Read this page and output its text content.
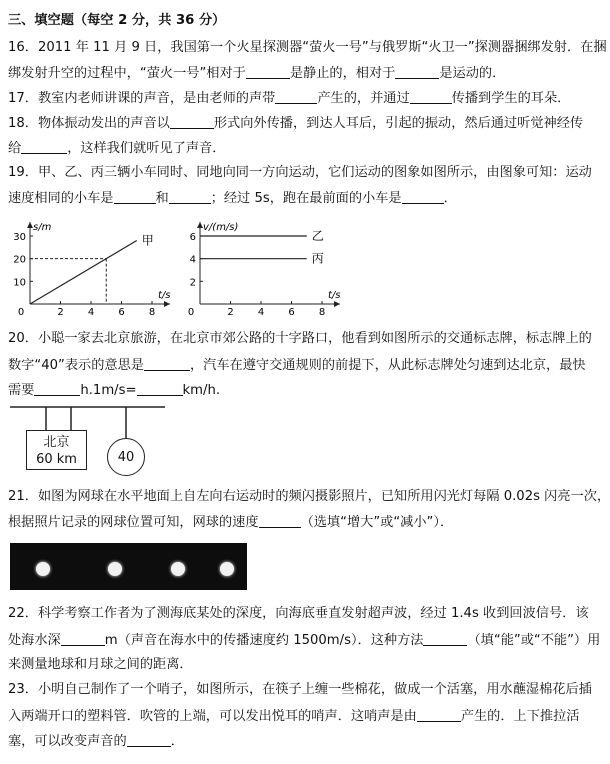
三、填空题（每空 2 分，共 36 分）
16．2011 年 11 月 9 日，我国第一个火星探测器“萤火一号”与俄罗斯“火卫一”探测器捆绑发射．在捆
绑发射升空的过程中，“萤火一号”相对于	是静止的，相对于	是运动的．
17．教室内老师讲课的声音，是由老师的声带	产生的，并通过	传播到学生的耳朵．
18．物体振动发出的声音以	形式向外传播，到达人耳后，引起的振动，然后通过听觉神经传
给	，这样我们就听见了声音．
19．甲、乙、丙三辆小车同时、同地向同一方向运动，它们运动的图象如图所示，由图象可知：运动
速度相同的小车是	和	；经过 5s，跑在最前面的小车是	．
s/m
t/s
0	2 4 6 8
10
20
30	甲
v/(m/s)
t/s
0	2 4 6 8
2
4
6	乙
丙
20．小聪一家去北京旅游，在北京市郊公路的十字路口，他看到如图所示的交通标志牌，标志牌上的
数字“40”表示的意思是	，汽车在遵守交通规则的前提下，从此标志牌处匀速到达北京，最快
需要	h.1m/s=	km/h.
北京
60 km	40
21．如图为网球在水平地面上自左向右运动时的频闪摄影照片，已知所用闪光灯每隔 0.02s 闪亮一次，
根据照片记录的网球位置可知，网球的速度	（选填“增大”或“减小”）．
22．科学考察工作者为了测海底某处的深度，向海底垂直发射超声波，经过 1.4s 收到回波信号．该
处海水深	m（声音在海水中的传播速度约 1500m/s）．这种方法	（填“能”或“不能”）用
来测量地球和月球之间的距离．
23．小明自己制作了一个哨子，如图所示，在筷子上缠一些棉花，做成一个活塞，用水蘸湿棉花后插
入两端开口的塑料管．吹管的上端，可以发出悦耳的哨声．这哨声是由	产生的．上下推拉活
塞，可以改变声音的	．
